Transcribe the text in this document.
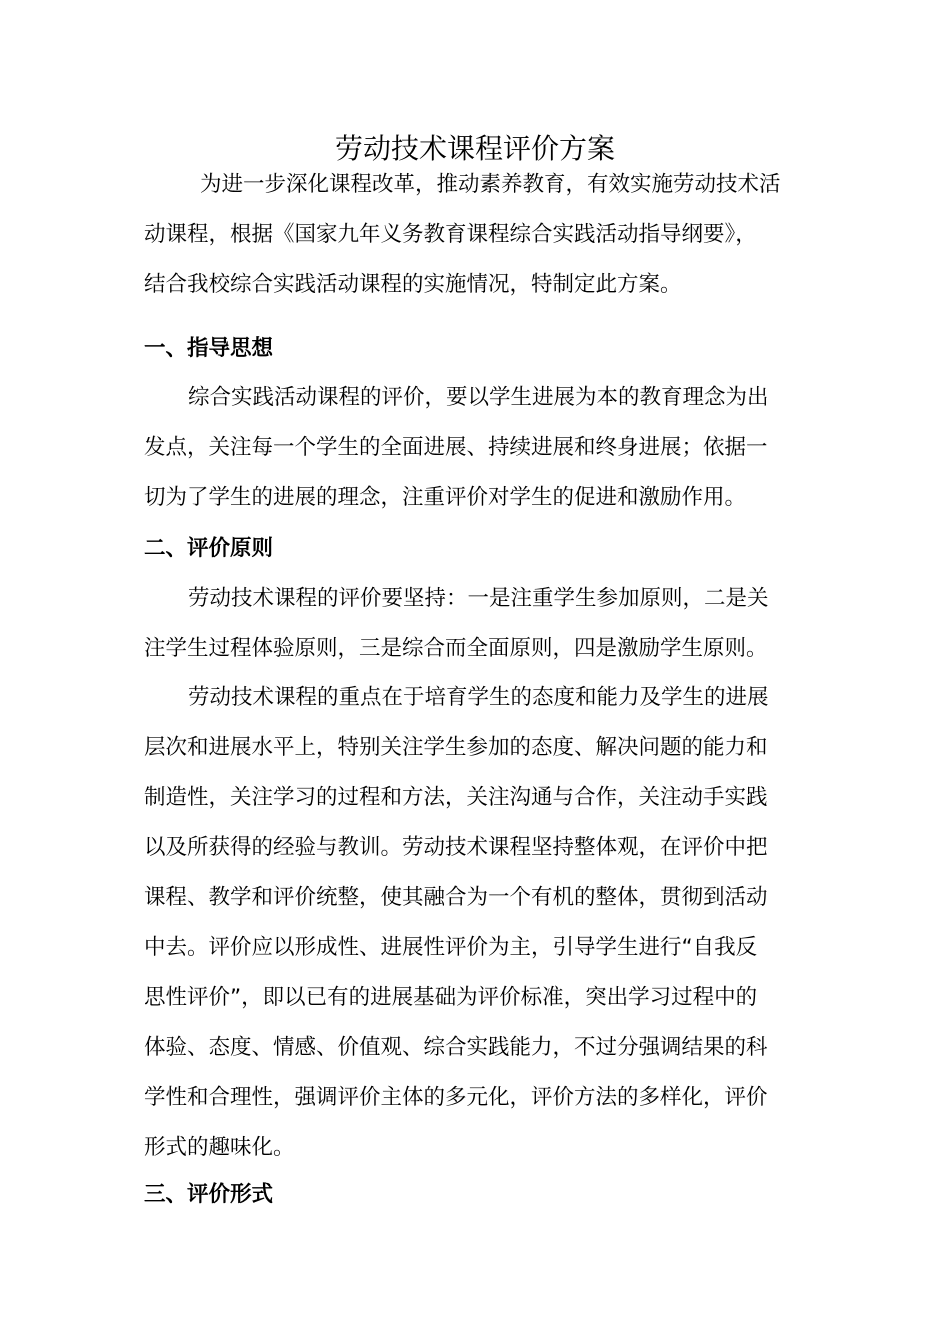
劳动技术课程评价方案
为进一步深化课程改革，推动素养教育，有效实施劳动技术活
动课程，根据《国家九年义务教育课程综合实践活动指导纲要》，
结合我校综合实践活动课程的实施情况，特制定此方案。
一、指导思想
综合实践活动课程的评价，要以学生进展为本的教育理念为出
发点，关注每一个学生的全面进展、持续进展和终身进展；依据一
切为了学生的进展的理念，注重评价对学生的促进和激励作用。
二、评价原则
劳动技术课程的评价要坚持：一是注重学生参加原则，二是关
注学生过程体验原则，三是综合而全面原则，四是激励学生原则。
劳动技术课程的重点在于培育学生的态度和能力及学生的进展
层次和进展水平上，特别关注学生参加的态度、解决问题的能力和
制造性，关注学习的过程和方法，关注沟通与合作，关注动手实践
以及所获得的经验与教训。劳动技术课程坚持整体观，在评价中把
课程、教学和评价统整，使其融合为一个有机的整体，贯彻到活动
中去。评价应以形成性、进展性评价为主，引导学生进行“自我反
思性评价”，即以已有的进展基础为评价标准，突出学习过程中的
体验、态度、情感、价值观、综合实践能力，不过分强调结果的科
学性和合理性，强调评价主体的多元化，评价方法的多样化，评价
形式的趣味化。
三、评价形式
